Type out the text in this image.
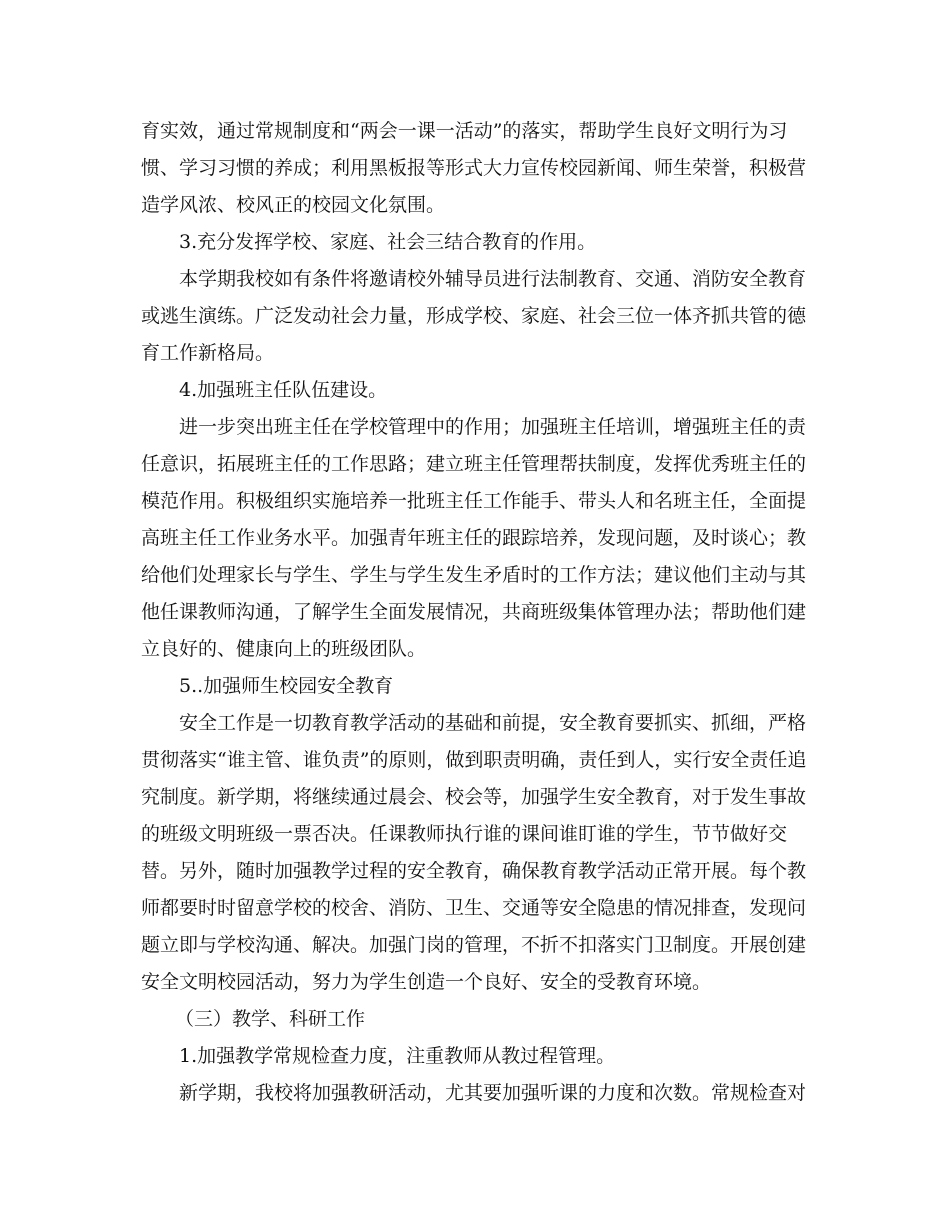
育实效，通过常规制度和“两会一课一活动”的落实，帮助学生良好文明行为习
惯、学习习惯的养成；利用黑板报等形式大力宣传校园新闻、师生荣誉，积极营
造学风浓、校风正的校园文化氛围。
3.充分发挥学校、家庭、社会三结合教育的作用。
本学期我校如有条件将邀请校外辅导员进行法制教育、交通、消防安全教育
或逃生演练。广泛发动社会力量，形成学校、家庭、社会三位一体齐抓共管的德
育工作新格局。
4.加强班主任队伍建设。
进一步突出班主任在学校管理中的作用；加强班主任培训，增强班主任的责
任意识，拓展班主任的工作思路；建立班主任管理帮扶制度，发挥优秀班主任的
模范作用。积极组织实施培养一批班主任工作能手、带头人和名班主任，全面提
高班主任工作业务水平。加强青年班主任的跟踪培养，发现问题，及时谈心；教
给他们处理家长与学生、学生与学生发生矛盾时的工作方法；建议他们主动与其
他任课教师沟通，了解学生全面发展情况，共商班级集体管理办法；帮助他们建
立良好的、健康向上的班级团队。
5..加强师生校园安全教育
安全工作是一切教育教学活动的基础和前提，安全教育要抓实、抓细，严格
贯彻落实“谁主管、谁负责”的原则，做到职责明确，责任到人，实行安全责任追
究制度。新学期，将继续通过晨会、校会等，加强学生安全教育，对于发生事故
的班级文明班级一票否决。任课教师执行谁的课间谁盯谁的学生，节节做好交
替。另外，随时加强教学过程的安全教育，确保教育教学活动正常开展。每个教
师都要时时留意学校的校舍、消防、卫生、交通等安全隐患的情况排查，发现问
题立即与学校沟通、解决。加强门岗的管理，不折不扣落实门卫制度。开展创建
安全文明校园活动，努力为学生创造一个良好、安全的受教育环境。
（三）教学、科研工作
1.加强教学常规检查力度，注重教师从教过程管理。
新学期，我校将加强教研活动，尤其要加强听课的力度和次数。常规检查对
